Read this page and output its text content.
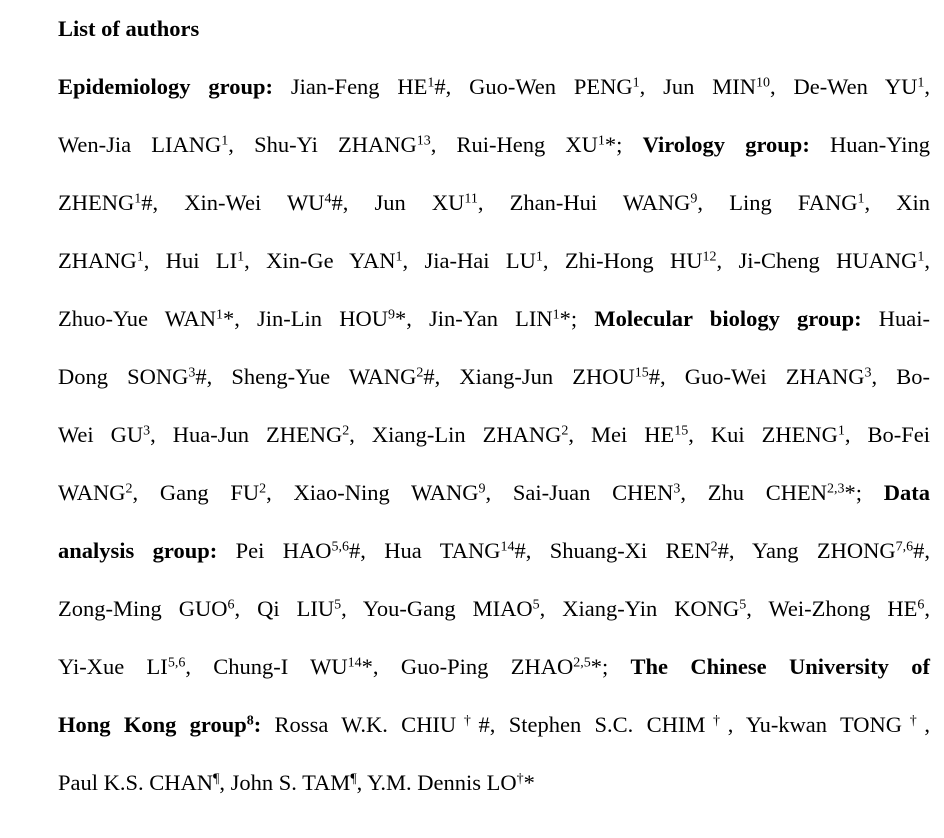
List of authors
Epidemiology group: Jian-Feng $HE^1\#$, Guo-Wen PENG$^1$, Jun MIN$^{10}$, De-Wen $YU^1$,
Wen-Jia LIANG$^1$, Shu-Yi ZHANG$^{13}$, Rui-Heng $XU^1*$; Virology group: Huan-Ying
ZHENG$^1$#, Xin-Wei $WU^4\#$, Jun XU$^{11}$, Zhan-Hui WANG$^9$, Ling FANG$^1$, Xin
ZHANG$^1$, Hui $LI^1$, Xin-Ge YAN$^1$, Jia-Hai $LU^1$, Zhi-Hong HU$^{12}$, Ji-Cheng HUANG$^1$,
Zhuo-Yue WAN$^1$*, Jin-Lin HOU$^9$*, Jin-Yan LIN$^1$*; Molecular biology group: Huai-
Dong SONG$^3$#, Sheng-Yue WANG$^2$#, Xiang-Jun ZHOU$^{15}$#, Guo-Wei ZHANG$^3$, Bo-
Wei $GU^3$, Hua-Jun ZHENG$^2$, Xiang-Lin ZHANG$^2$, Mei HE$^{15}$, Kui ZHENG$^1$, Bo-Fei
WANG$^2$, Gang $FU^2$, Xiao-Ning WANG$^9$, Sai-Juan CHEN$^3$, Zhu CHEN$^{2,3}$*; Data
analysis group: Pei HAO$^{5,6}$#, Hua TANG$^{14}$#, Shuang-Xi REN$^2$#, Yang ZHONG$^{7,6}$#,
Zong-Ming GUO$^6$, Qi LIU$^5$, You-Gang MIAO$^5$, Xiang-Yin KONG$^5$, Wei-Zhong $HE^6$,
Yi-Xue LI$^{5,6}$, Chung-I WU$^{14}$*, Guo-Ping ZHAO$^{2,5}$*; The Chinese University of
Hong Kong group$^8$: Rossa W.K. CHIU†#, Stephen S.C. CHIM†, Yu-kwan TONG†,
Paul K.S. CHAN¶, John S. TAM¶, Y.M. Dennis LO†*
